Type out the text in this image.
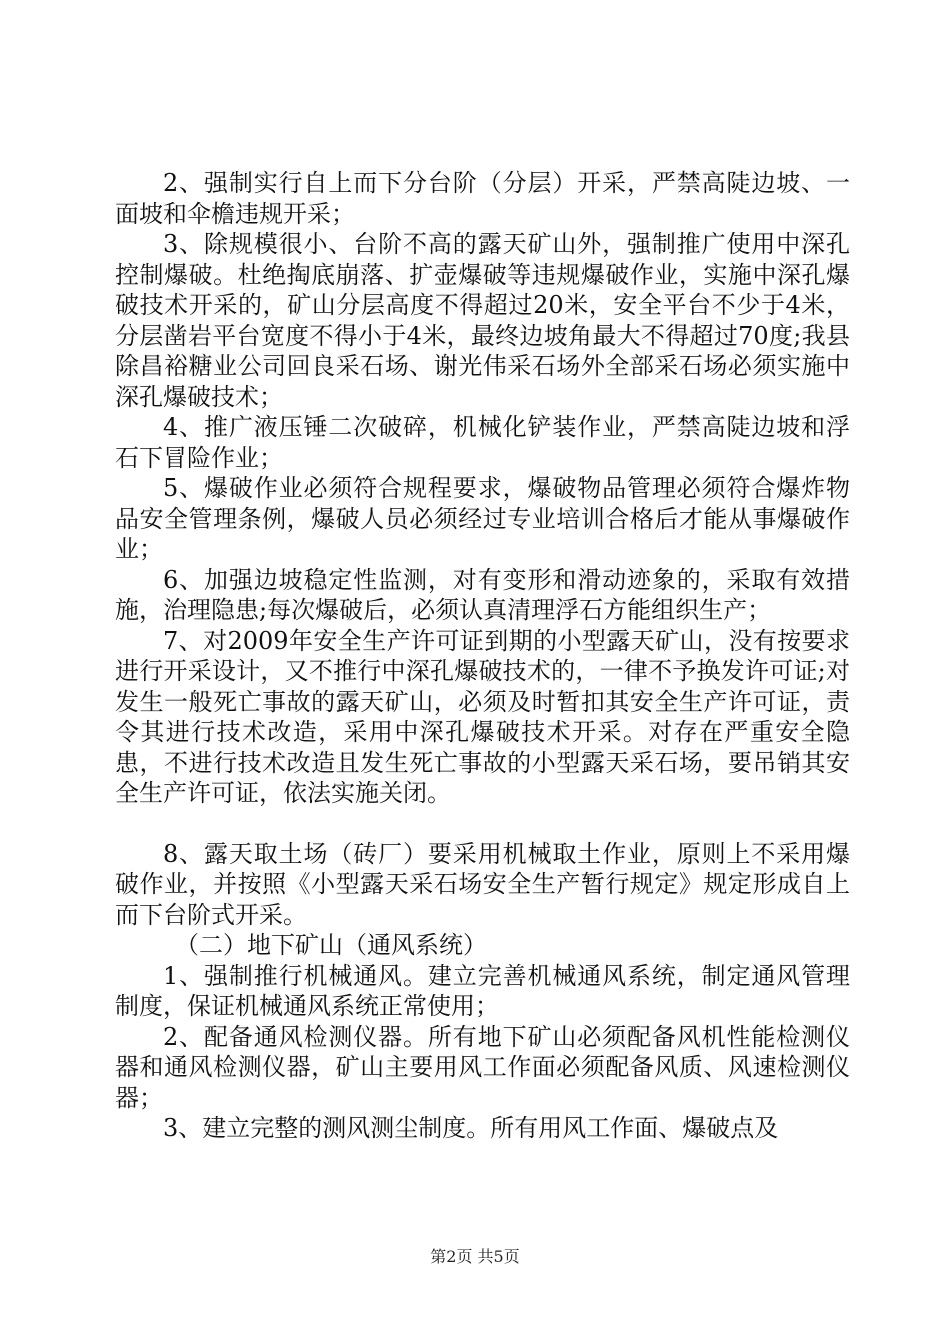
2、强制实行自上而下分台阶（分层）开采，严禁高陡边坡、一面坡和伞檐违规开采；

3、除规模很小、台阶不高的露天矿山外，强制推广使用中深孔控制爆破。杜绝掏底崩落、扩壶爆破等违规爆破作业，实施中深孔爆破技术开采的，矿山分层高度不得超过20米，安全平台不少于4米，分层凿岩平台宽度不得小于4米，最终边坡角最大不得超过70度;我县除昌裕糖业公司回良采石场、谢光伟采石场外全部采石场必须实施中深孔爆破技术；

4、推广液压锤二次破碎，机械化铲装作业，严禁高陡边坡和浮石下冒险作业；

5、爆破作业必须符合规程要求，爆破物品管理必须符合爆炸物品安全管理条例，爆破人员必须经过专业培训合格后才能从事爆破作业；

6、加强边坡稳定性监测，对有变形和滑动迹象的，采取有效措施，治理隐患;每次爆破后，必须认真清理浮石方能组织生产；

7、对2009年安全生产许可证到期的小型露天矿山，没有按要求进行开采设计，又不推行中深孔爆破技术的，一律不予换发许可证;对发生一般死亡事故的露天矿山，必须及时暂扣其安全生产许可证，责令其进行技术改造，采用中深孔爆破技术开采。对存在严重安全隐患，不进行技术改造且发生死亡事故的小型露天采石场，要吊销其安全生产许可证，依法实施关闭。

8、露天取土场（砖厂）要采用机械取土作业，原则上不采用爆破作业，并按照《小型露天采石场安全生产暂行规定》规定形成自上而下台阶式开采。

（二）地下矿山（通风系统）

1、强制推行机械通风。建立完善机械通风系统，制定通风管理制度，保证机械通风系统正常使用；

2、配备通风检测仪器。所有地下矿山必须配备风机性能检测仪器和通风检测仪器，矿山主要用风工作面必须配备风质、风速检测仪器；

3、建立完整的测风测尘制度。所有用风工作面、爆破点及

第2页 共5页
